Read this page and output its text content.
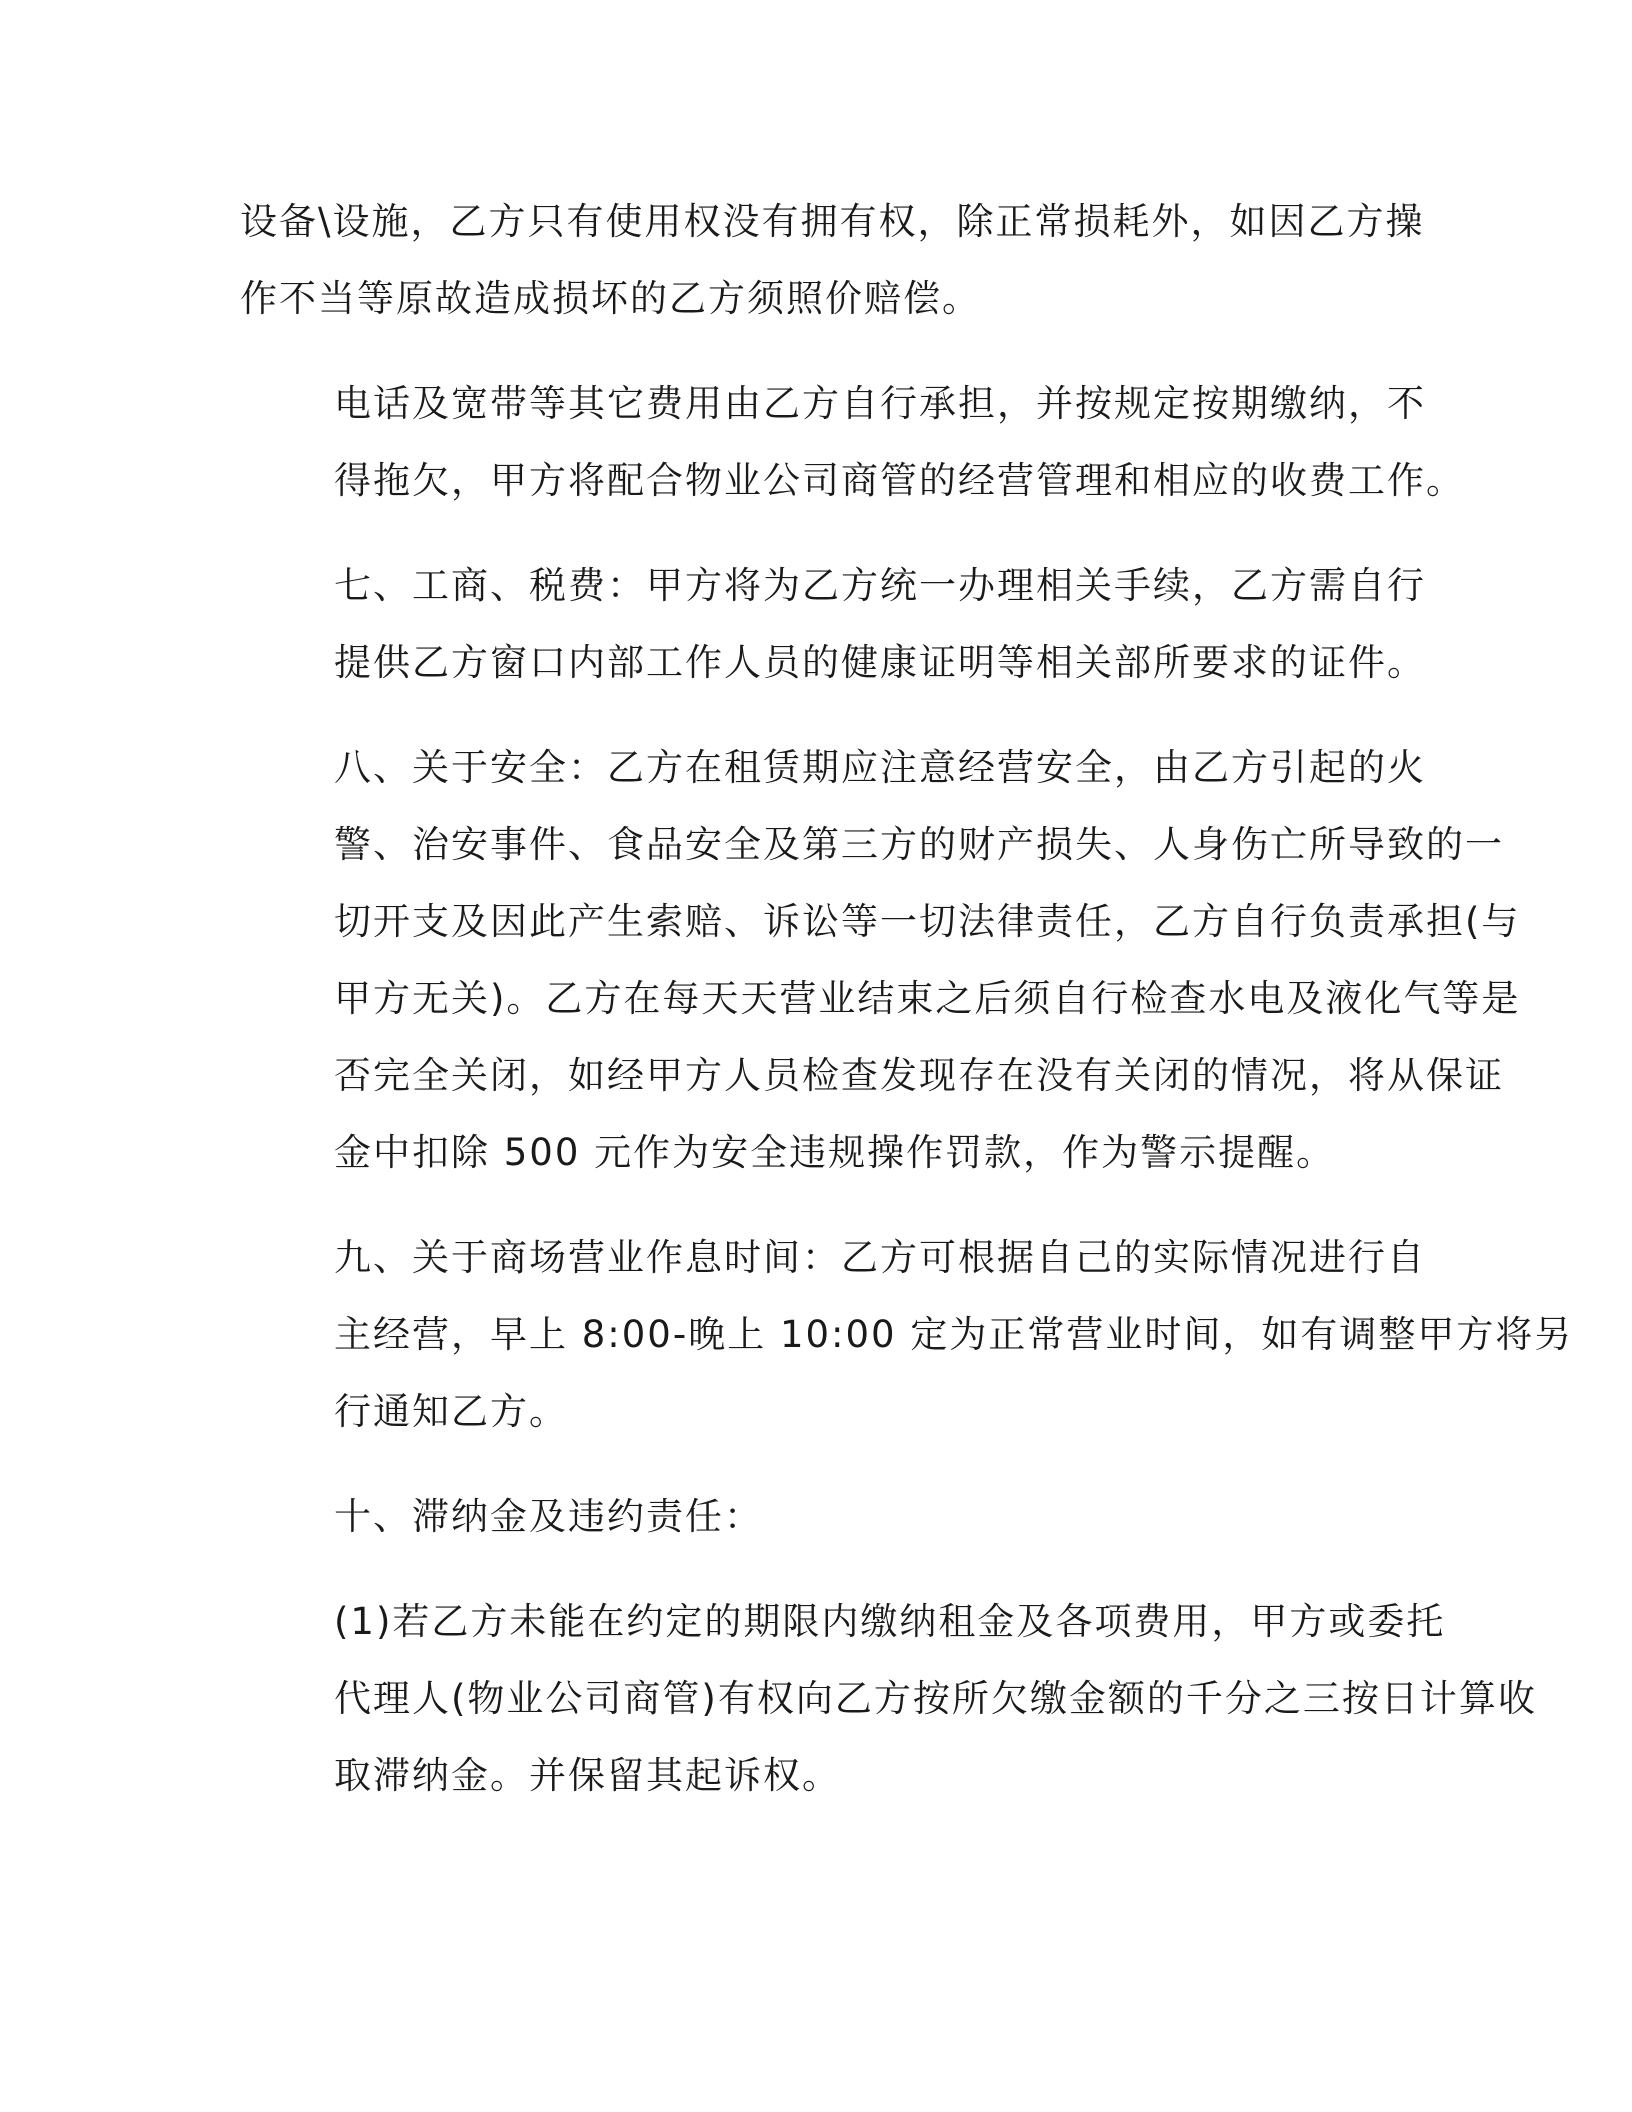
设备\设施，乙方只有使用权没有拥有权，除正常损耗外，如因乙方操
作不当等原故造成损坏的乙方须照价赔偿。

电话及宽带等其它费用由乙方自行承担，并按规定按期缴纳，不
得拖欠，甲方将配合物业公司商管的经营管理和相应的收费工作。

七、工商、税费：甲方将为乙方统一办理相关手续，乙方需自行
提供乙方窗口内部工作人员的健康证明等相关部所要求的证件。

八、关于安全：乙方在租赁期应注意经营安全，由乙方引起的火
警、治安事件、食品安全及第三方的财产损失、人身伤亡所导致的一
切开支及因此产生索赔、诉讼等一切法律责任，乙方自行负责承担(与
甲方无关)。乙方在每天天营业结束之后须自行检查水电及液化气等是
否完全关闭，如经甲方人员检查发现存在没有关闭的情况，将从保证
金中扣除 500 元作为安全违规操作罚款，作为警示提醒。

九、关于商场营业作息时间：乙方可根据自己的实际情况进行自
主经营，早上 8:00-晚上 10:00 定为正常营业时间，如有调整甲方将另
行通知乙方。

十、滞纳金及违约责任：

(1)若乙方未能在约定的期限内缴纳租金及各项费用，甲方或委托
代理人(物业公司商管)有权向乙方按所欠缴金额的千分之三按日计算收
取滞纳金。并保留其起诉权。
